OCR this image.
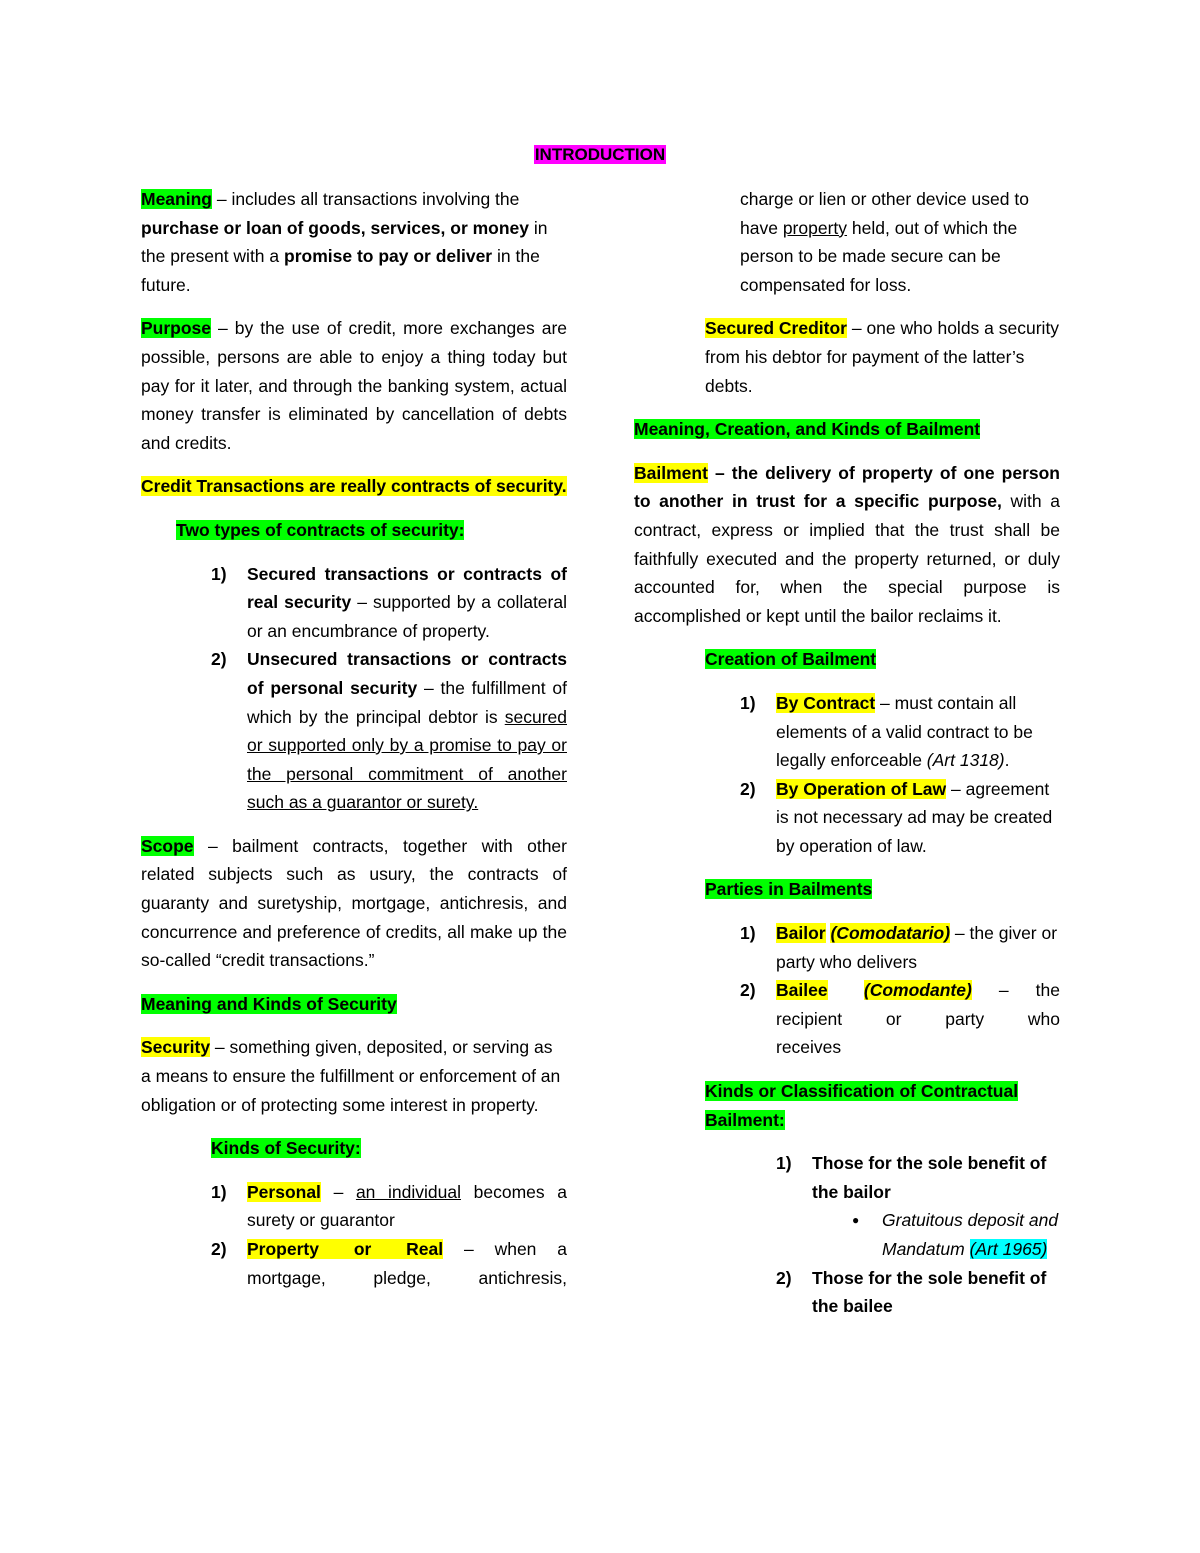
INTRODUCTION

Meaning – includes all transactions involving the purchase or loan of goods, services, or money in the present with a promise to pay or deliver in the future.

Purpose – by the use of credit, more exchanges are possible, persons are able to enjoy a thing today but pay for it later, and through the banking system, actual money transfer is eliminated by cancellation of debts and credits.

Credit Transactions are really contracts of security.

Two types of contracts of security:

1) Secured transactions or contracts of real security – supported by a collateral or an encumbrance of property.
2) Unsecured transactions or contracts of personal security – the fulfillment of which by the principal debtor is secured or supported only by a promise to pay or the personal commitment of another such as a guarantor or surety.

Scope – bailment contracts, together with other related subjects such as usury, the contracts of guaranty and suretyship, mortgage, antichresis, and concurrence and preference of credits, all make up the so-called “credit transactions.”

Meaning and Kinds of Security

Security – something given, deposited, or serving as a means to ensure the fulfillment or enforcement of an obligation or of protecting some interest in property.

Kinds of Security:

1) Personal – an individual becomes a surety or guarantor
2) Property or Real – when a mortgage, pledge, antichresis,

charge or lien or other device used to have property held, out of which the person to be made secure can be compensated for loss.

Secured Creditor – one who holds a security from his debtor for payment of the latter’s debts.

Meaning, Creation, and Kinds of Bailment

Bailment – the delivery of property of one person to another in trust for a specific purpose, with a contract, express or implied that the trust shall be faithfully executed and the property returned, or duly accounted for, when the special purpose is accomplished or kept until the bailor reclaims it.

Creation of Bailment

1) By Contract – must contain all elements of a valid contract to be legally enforceable (Art 1318).
2) By Operation of Law – agreement is not necessary ad may be created by operation of law.

Parties in Bailments

1) Bailor (Comodatario) – the giver or party who delivers
2) Bailee (Comodante) – the recipient or party who receives

Kinds or Classification of Contractual Bailment:

1) Those for the sole benefit of the bailor
● Gratuitous deposit and Mandatum (Art 1965)
2) Those for the sole benefit of the bailee
